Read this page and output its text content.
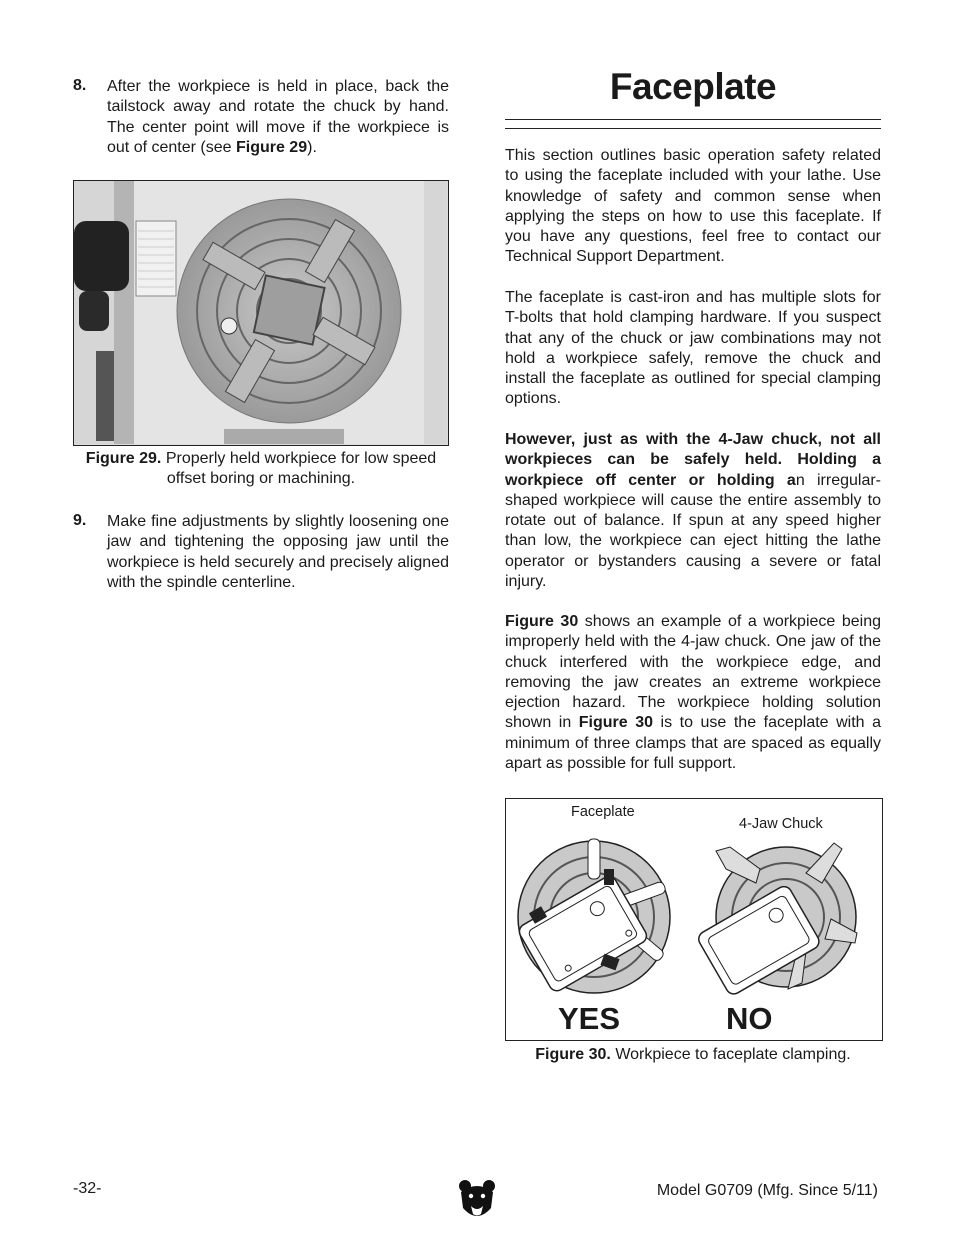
8. After the workpiece is held in place, back the tailstock away and rotate the chuck by hand. The center point will move if the workpiece is out of center (see Figure 29).

Figure 29. Properly held workpiece for low speed offset boring or machining.
9. Make fine adjustments by slightly loosening one jaw and tightening the opposing jaw until the workpiece is held securely and precisely aligned with the spindle centerline.

Faceplate

This section outlines basic operation safety related to using the faceplate included with your lathe. Use knowledge of safety and common sense when applying the steps on how to use this faceplate. If you have any questions, feel free to contact our Technical Support Department.

The faceplate is cast-iron and has multiple slots for T-bolts that hold clamping hardware. If you suspect that any of the chuck or jaw combinations may not hold a workpiece safely, remove the chuck and install the faceplate as outlined for special clamping options.

However, just as with the 4-Jaw chuck, not all workpieces can be safely held. Holding a workpiece off center or holding an irregular-shaped workpiece will cause the entire assembly to rotate out of balance. If spun at any speed higher than low, the workpiece can eject hitting the lathe operator or bystanders causing a severe or fatal injury.

Figure 30 shows an example of a workpiece being improperly held with the 4-jaw chuck. One jaw of the chuck interfered with the workpiece edge, and removing the jaw creates an extreme workpiece ejection hazard. The workpiece holding solution shown in Figure 30 is to use the faceplate with a minimum of three clamps that are spaced as equally apart as possible for full support.

Faceplate
4-Jaw Chuck
YES	NO
Figure 30. Workpiece to faceplate clamping.
-32-	Model G0709 (Mfg. Since 5/11)
